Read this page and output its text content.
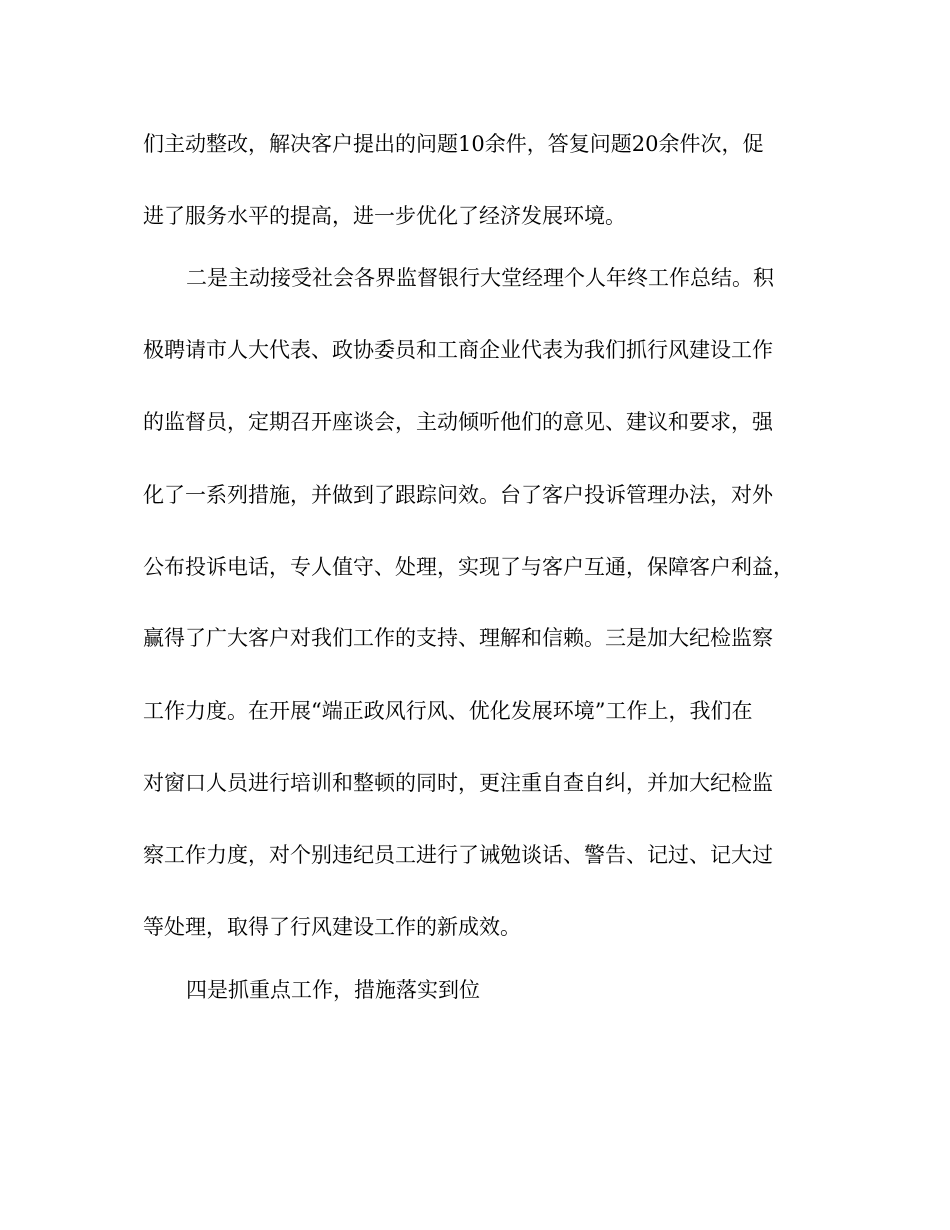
们主动整改，解决客户提出的问题10余件，答复问题20余件次，促
进了服务水平的提高，进一步优化了经济发展环境。
二是主动接受社会各界监督银行大堂经理个人年终工作总结。积
极聘请市人大代表、政协委员和工商企业代表为我们抓行风建设工作
的监督员，定期召开座谈会，主动倾听他们的意见、建议和要求，强
化了一系列措施，并做到了跟踪问效。台了客户投诉管理办法，对外
公布投诉电话，专人值守、处理，实现了与客户互通，保障客户利益，
赢得了广大客户对我们工作的支持、理解和信赖。三是加大纪检监察
工作力度。在开展“端正政风行风、优化发展环境”工作上，我们在
对窗口人员进行培训和整顿的同时，更注重自查自纠，并加大纪检监
察工作力度，对个别违纪员工进行了诫勉谈话、警告、记过、记大过
等处理，取得了行风建设工作的新成效。
四是抓重点工作，措施落实到位
